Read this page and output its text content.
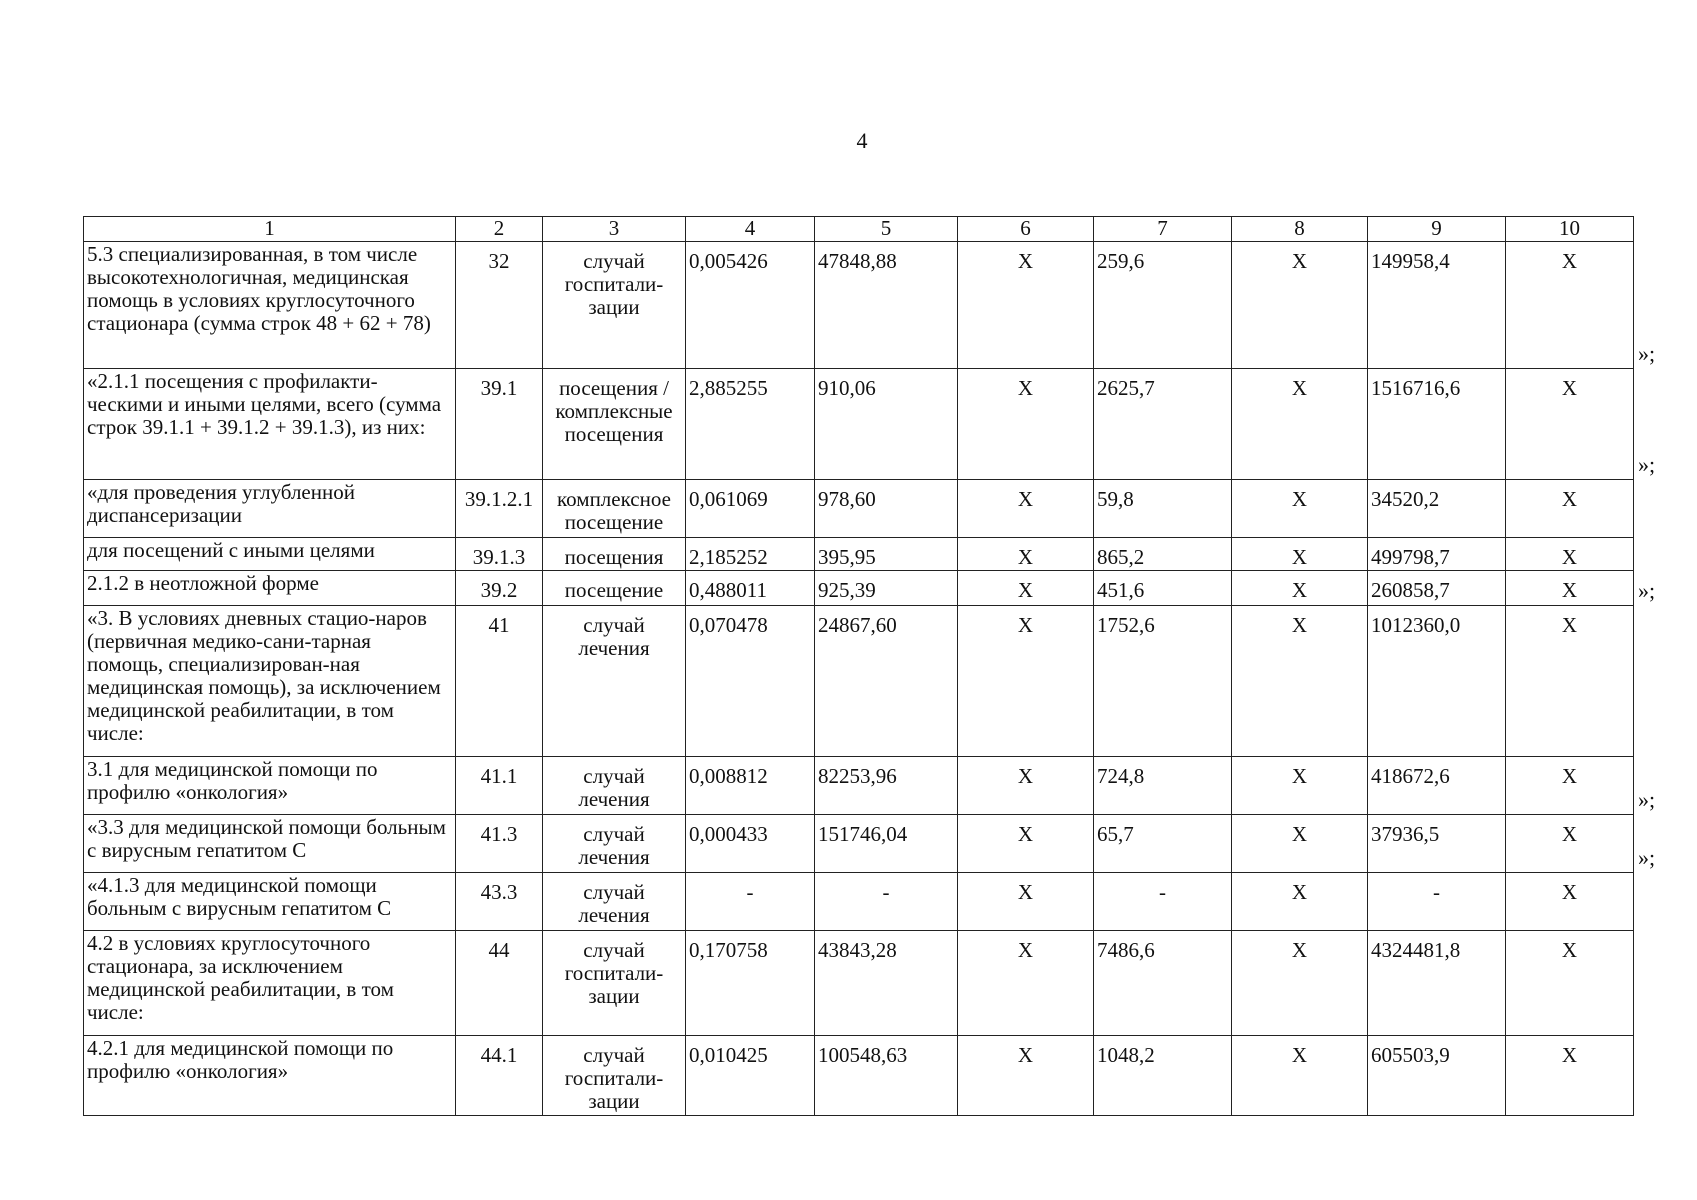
4
1	2	3	4	5	6	7	8	9	10
5.3 специализированная, в том числе высокотехнологичная, медицинская помощь в условиях круглосуточного стационара (сумма строк 48 + 62 + 78)	32	случай госпитали-зации	0,005426	47848,88	Х	259,6	Х	149958,4	Х
«2.1.1 посещения с профилакти-ческими и иными целями, всего (сумма строк 39.1.1 + 39.1.2 + 39.1.3), из них:	39.1	посещения / комплексные посещения	2,885255	910,06	Х	2625,7	Х	1516716,6	Х
«для проведения углубленной диспансеризации	39.1.2.1	комплексное посещение	0,061069	978,60	Х	59,8	Х	34520,2	Х
для посещений с иными целями	39.1.3	посещения	2,185252	395,95	Х	865,2	Х	499798,7	Х
2.1.2 в неотложной форме	39.2	посещение	0,488011	925,39	Х	451,6	Х	260858,7	Х
«3. В условиях дневных стацио-наров (первичная медико-сани-тарная помощь, специализирован-ная медицинская помощь), за исключением медицинской реабилитации, в том числе:	41	случай лечения	0,070478	24867,60	Х	1752,6	Х	1012360,0	Х
3.1 для медицинской помощи по профилю «онкология»	41.1	случай лечения	0,008812	82253,96	Х	724,8	Х	418672,6	Х
«3.3 для медицинской помощи больным с вирусным гепатитом С	41.3	случай лечения	0,000433	151746,04	Х	65,7	Х	37936,5	Х
«4.1.3 для медицинской помощи больным с вирусным гепатитом С	43.3	случай лечения	-	-	Х	-	Х	-	Х
4.2 в условиях круглосуточного стационара, за исключением медицинской реабилитации, в том числе:	44	случай госпитали-зации	0,170758	43843,28	Х	7486,6	Х	4324481,8	Х
4.2.1 для медицинской помощи по профилю «онкология»	44.1	случай госпитали-зации	0,010425	100548,63	Х	1048,2	Х	605503,9	Х
»;
»;
»;
»;
»;
